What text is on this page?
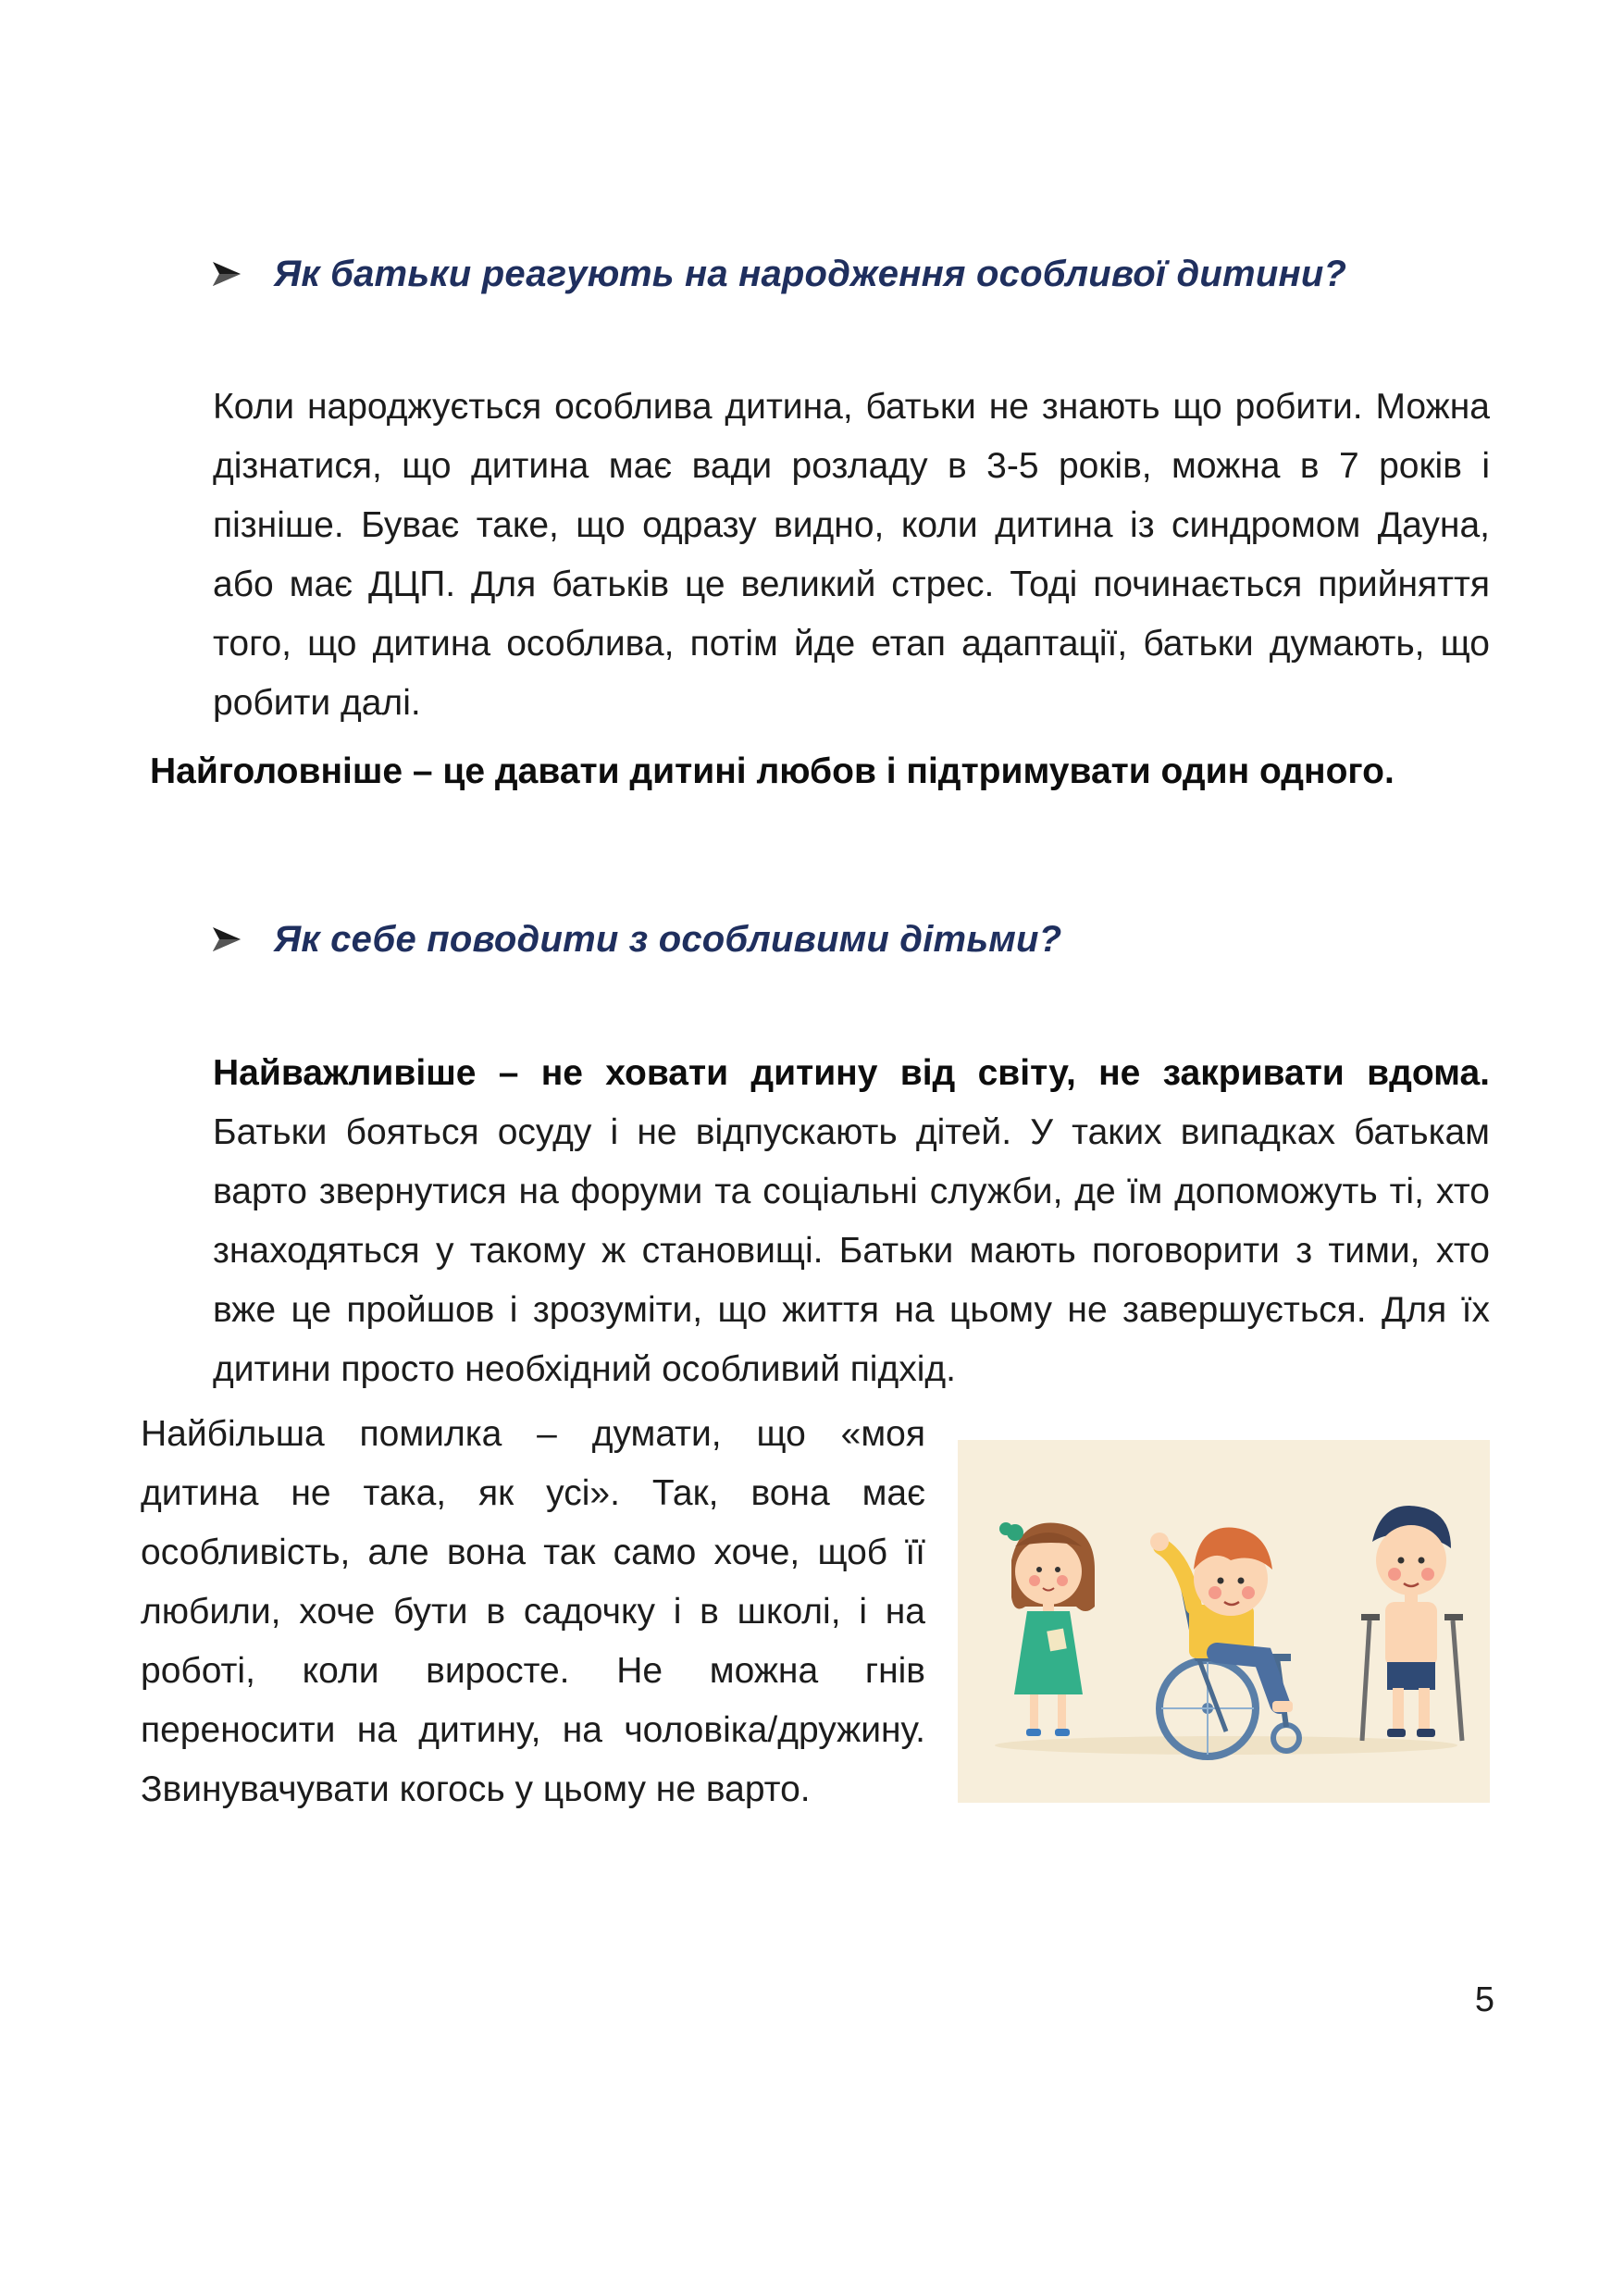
Як батьки реагують на народження особливої дитини?
Коли народжується особлива дитина, батьки не знають що робити. Можна дізнатися, що дитина має вади розладу в 3-5 років, можна в 7 років і пізніше. Буває таке, що одразу видно, коли дитина із синдромом Дауна, або має ДЦП. Для батьків це великий стрес. Тоді починається прийняття того, що дитина особлива, потім йде етап адаптації, батьки думають, що робити далі.
Найголовніше – це давати дитині любов і підтримувати один одного.
Як себе поводити з особливими дітьми?
Найважливіше – не ховати дитину від світу, не закривати вдома. Батьки бояться осуду і не відпускають дітей. У таких випадках батькам варто звернутися на форуми та соціальні служби, де їм допоможуть ті, хто знаходяться у такому ж становищі. Батьки мають поговорити з тими, хто вже це пройшов і зрозуміти, що життя на цьому не завершується. Для їх дитини просто необхідний особливий підхід.
Найбільша помилка – думати, що «моя дитина не така, як усі». Так, вона має особливість, але вона так само хоче, щоб її любили, хоче бути в садочку і в школі, і на роботі, коли виросте. Не можна гнів переносити на дитину, на чоловіка/дружину. Звинувачувати когось у цьому не варто.
5
